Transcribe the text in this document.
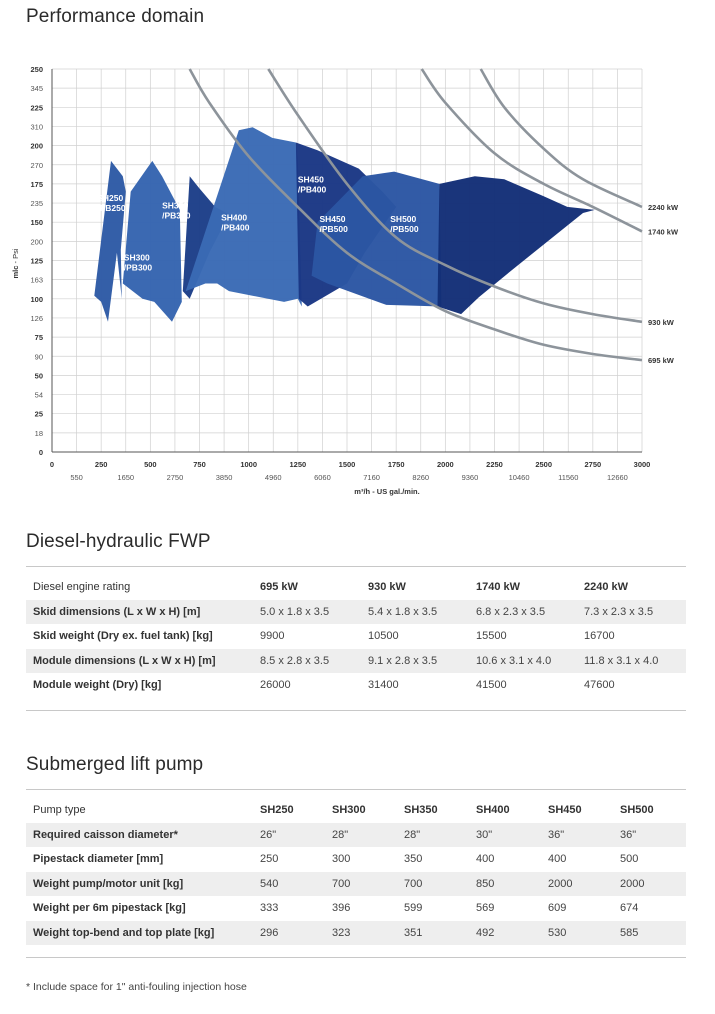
Performance domain
250
225
200
175
150
125
100
75
50
25
0
345
310
270
235
200
163
126
90
54
18
0	250	500	750	1000	1250	1500	1750	2000	2250	2500	2750	3000
550	1650	2750	3850	4960	6060	7160	8260	9360	10460	11560	12660
m³/h - US gal./min.
mlc - Psi
SH250 /PB250
SH300 /PB300
SH350 /PB300	SH400 /PB400
SH450 /PB400
SH450 /PB500
SH500 /PB500
2240 kW
1740 kW
930 kW
695 kW
Diesel-hydraulic FWP
Diesel engine rating	695 kW	930 kW	1740 kW	2240 kW
Skid dimensions (L x W x H) [m]	5.0 x 1.8 x 3.5	5.4 x 1.8 x 3.5	6.8 x 2.3 x 3.5	7.3 x 2.3 x 3.5
Skid weight (Dry ex. fuel tank) [kg]	9900	10500	15500	16700
Module dimensions (L x W x H) [m]	8.5 x 2.8 x 3.5	9.1 x 2.8 x 3.5	10.6 x 3.1 x 4.0	11.8 x 3.1 x 4.0
Module weight (Dry) [kg]	26000	31400	41500	47600
Submerged lift pump
Pump type	SH250	SH300	SH350	SH400	SH450	SH500
Required caisson diameter*	26"	28"	28"	30"	36"	36"
Pipestack diameter [mm]	250	300	350	400	400	500
Weight pump/motor unit [kg]	540	700	700	850	2000	2000
Weight per 6m pipestack [kg]	333	396	599	569	609	674
Weight top-bend and top plate [kg]	296	323	351	492	530	585
* Include space for 1" anti-fouling injection hose
